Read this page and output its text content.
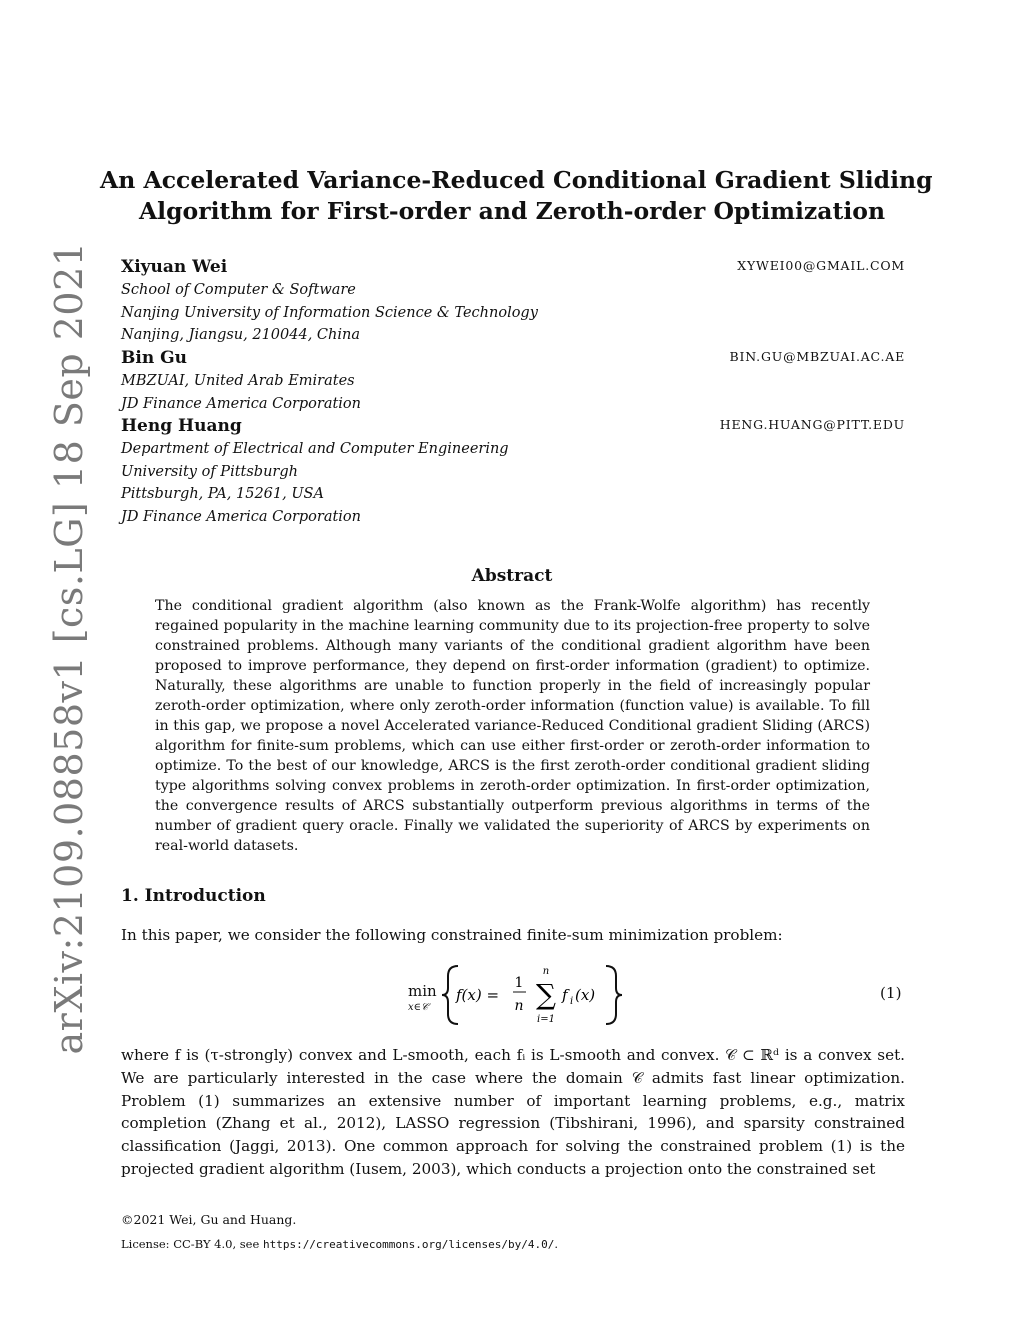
arXiv:2109.08858v1 [cs.LG] 18 Sep 2021
An Accelerated Variance-Reduced Conditional Gradient Sliding
Algorithm for First-order and Zeroth-order Optimization
Xiyuan Wei	XYWEI00@GMAIL.COM
School of Computer & Software
Nanjing University of Information Science & Technology
Nanjing, Jiangsu, 210044, China
Bin Gu	BIN.GU@MBZUAI.AC.AE
MBZUAI, United Arab Emirates
JD Finance America Corporation
Heng Huang	HENG.HUANG@PITT.EDU
Department of Electrical and Computer Engineering
University of Pittsburgh
Pittsburgh, PA, 15261, USA
JD Finance America Corporation
Abstract
The conditional gradient algorithm (also known as the Frank-Wolfe algorithm) has recently regained popularity in the machine learning community due to its projection-free property to solve constrained problems. Although many variants of the conditional gradient algorithm have been proposed to improve performance, they depend on first-order information (gradient) to optimize. Naturally, these algorithms are unable to function properly in the field of increasingly popular zeroth-order optimization, where only zeroth-order information (function value) is available. To fill in this gap, we propose a novel Accelerated variance-Reduced Conditional gradient Sliding (ARCS) algorithm for finite-sum problems, which can use either first-order or zeroth-order information to optimize. To the best of our knowledge, ARCS is the first zeroth-order conditional gradient sliding type algorithms solving convex problems in zeroth-order optimization. In first-order optimization, the convergence results of ARCS substantially outperform previous algorithms in terms of the number of gradient query oracle. Finally we validated the superiority of ARCS by experiments on real-world datasets.
1. Introduction
In this paper, we consider the following constrained finite-sum minimization problem:
min
x∈𝒞
f(x) =
1
n
n
∑
i=1
f i (x)	(1)
where f is (τ-strongly) convex and L-smooth, each fᵢ is L-smooth and convex. 𝒞 ⊂ ℝᵈ is a convex set. We are particularly interested in the case where the domain 𝒞 admits fast linear optimization. Problem (1) summarizes an extensive number of important learning problems, e.g., matrix completion (Zhang et al., 2012), LASSO regression (Tibshirani, 1996), and sparsity constrained classification (Jaggi, 2013). One common approach for solving the constrained problem (1) is the projected gradient algorithm (Iusem, 2003), which conducts a projection onto the constrained set
©2021 Wei, Gu and Huang.
License: CC-BY 4.0, see https://creativecommons.org/licenses/by/4.0/.
